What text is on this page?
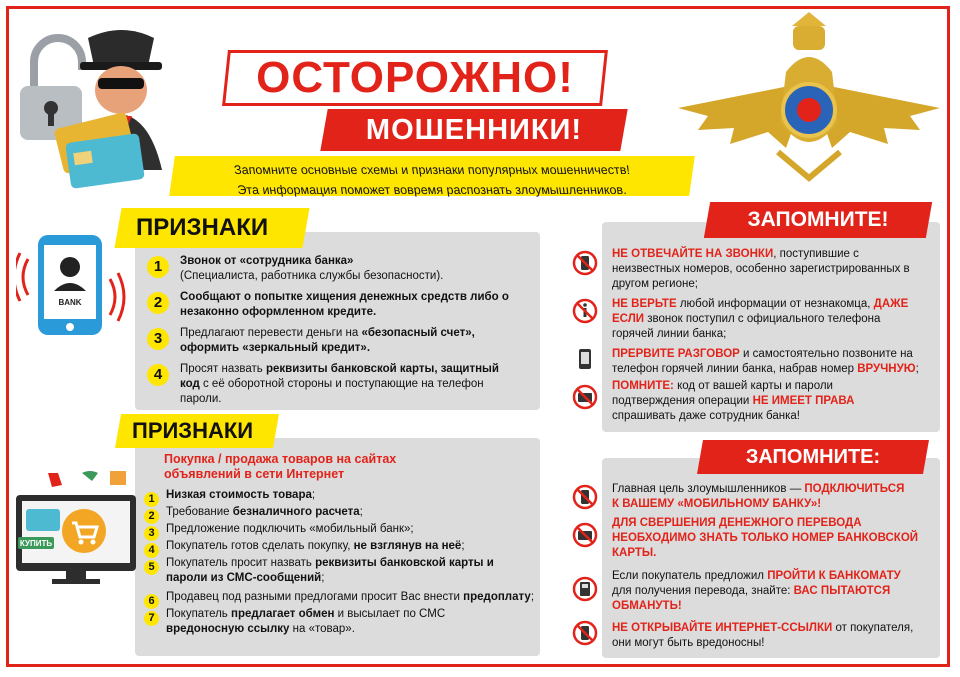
ОСТОРОЖНО!
МОШЕННИКИ!
Запомните основные схемы и признаки популярных мошенничеств!
Эта информация поможет вовремя распознать злоумышленников.
ПРИЗНАКИ
BANK
1	Звонок от «сотрудника банка»
(Специалиста, работника службы безопасности).
2	Сообщают о попытке хищения денежных средств либо о
незаконно оформленном кредите.
3	Предлагают перевести деньги на «безопасный счет»,
оформить «зеркальный кредит».
4	Просят назвать реквизиты банковской карты, защитный
код с её оборотной стороны и поступающие на телефон
пароли.
ПРИЗНАКИ
КУПИТЬ
Покупка / продажа товаров на сайтах
объявлений в сети Интернет
1 Низкая стоимость товара;
2 Требование безналичного расчета;
3 Предложение подключить «мобильный банк»;
4 Покупатель готов сделать покупку, не взглянув на неё;
5 Покупатель просит назвать реквизиты банковской карты и
пароли из СМС-сообщений;
6 Продавец под разными предлогами просит Вас внести предоплату;
7 Покупатель предлагает обмен и высылает по СМС
вредоносную ссылку на «товар».
ЗАПОМНИТЕ!
НЕ ОТВЕЧАЙТЕ НА ЗВОНКИ, поступившие с
неизвестных номеров, особенно зарегистрированных в
другом регионе;
НЕ ВЕРЬТЕ любой информации от незнакомца, ДАЖЕ
ЕСЛИ звонок поступил с официального телефона
горячей линии банка;
ПРЕРВИТЕ РАЗГОВОР и самостоятельно позвоните на
телефон горячей линии банка, набрав номер ВРУЧНУЮ;
ПОМНИТЕ: код от вашей карты и пароли
подтверждения операции НЕ ИМЕЕТ ПРАВА
спрашивать даже сотрудник банка!
ЗАПОМНИТЕ:
Главная цель злоумышленников — ПОДКЛЮЧИТЬСЯ
К ВАШЕМУ «МОБИЛЬНОМУ БАНКУ»!
ДЛЯ СВЕРШЕНИЯ ДЕНЕЖНОГО ПЕРЕВОДА
НЕОБХОДИМО ЗНАТЬ ТОЛЬКО НОМЕР БАНКОВСКОЙ
КАРТЫ.
Если покупатель предложил ПРОЙТИ К БАНКОМАТУ
для получения перевода, знайте: ВАС ПЫТАЮТСЯ
ОБМАНУТЬ!
НЕ ОТКРЫВАЙТЕ ИНТЕРНЕТ-ССЫЛКИ от покупателя,
они могут быть вредоносны!
